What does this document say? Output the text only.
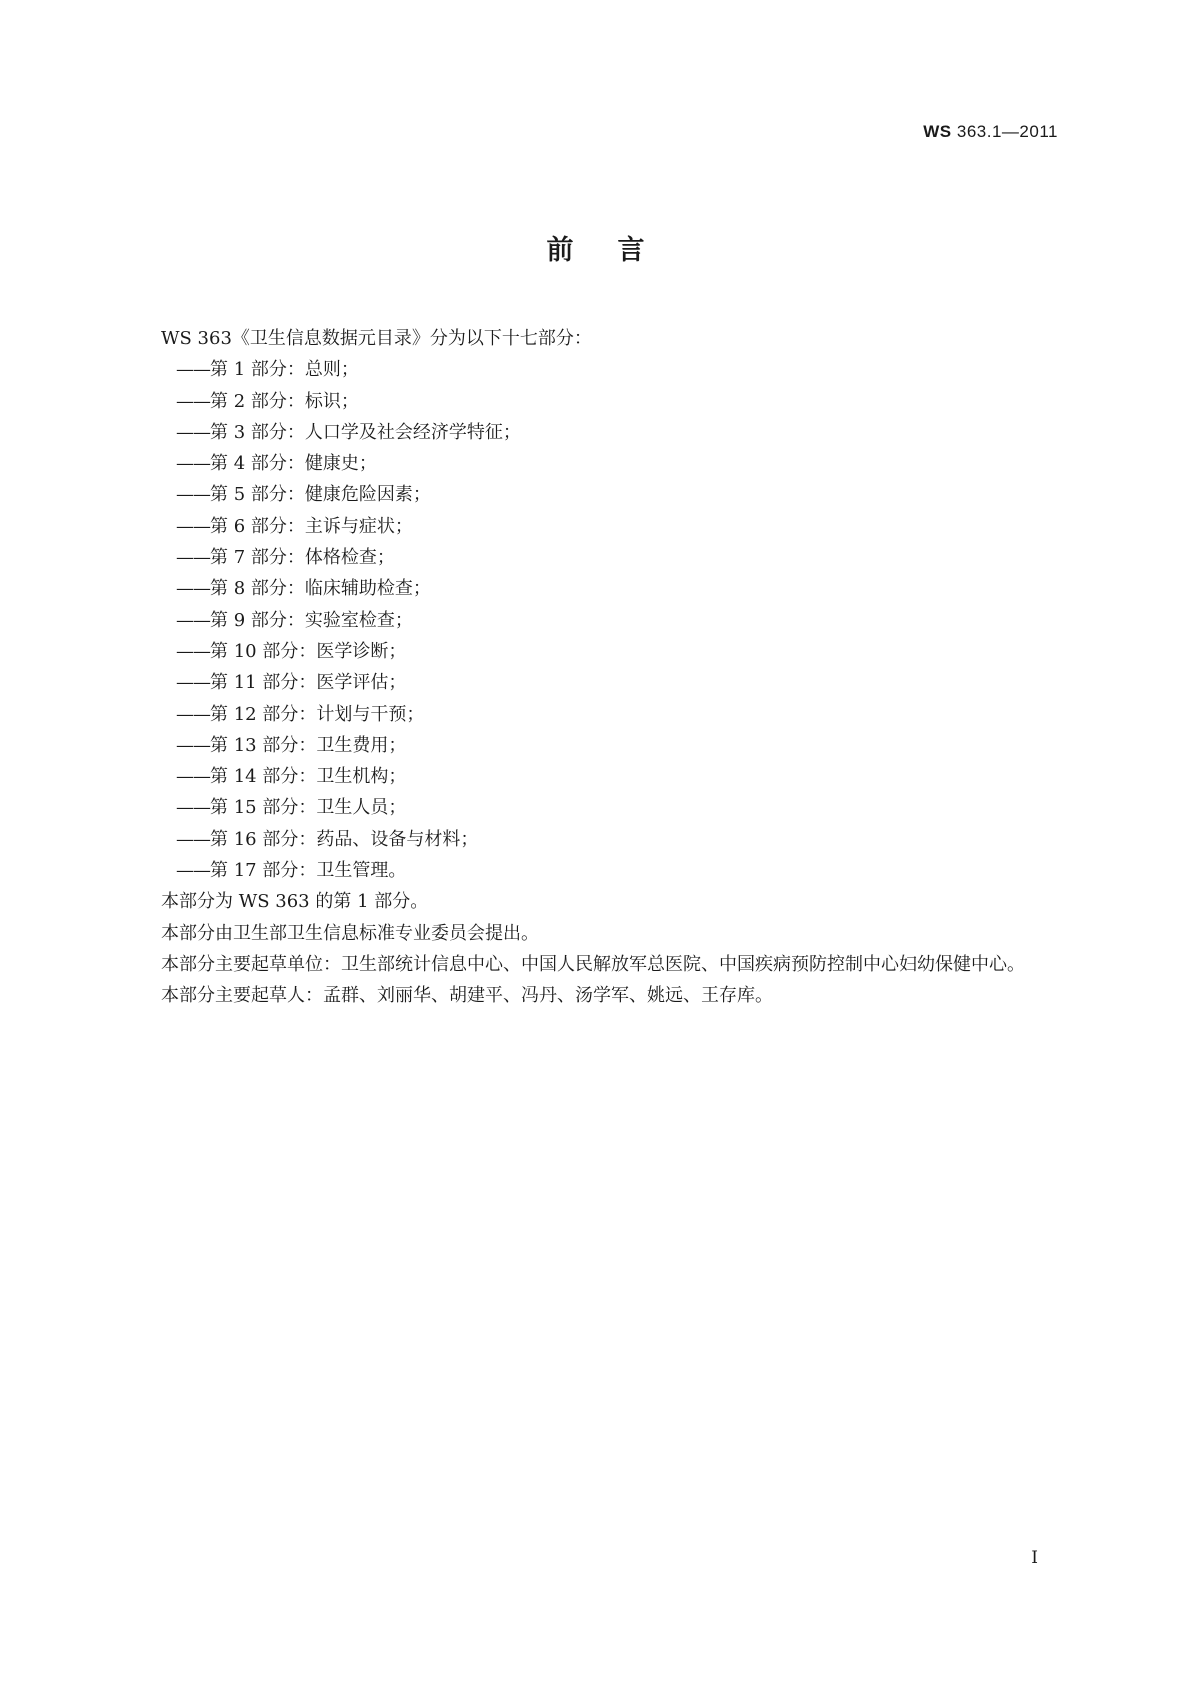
WS 363.1—2011
前言

WS 363《卫生信息数据元目录》分为以下十七部分：

——第 1 部分：总则；

——第 2 部分：标识；

——第 3 部分：人口学及社会经济学特征；

——第 4 部分：健康史；

——第 5 部分：健康危险因素；

——第 6 部分：主诉与症状；

——第 7 部分：体格检查；

——第 8 部分：临床辅助检查；

——第 9 部分：实验室检查；

——第 10 部分：医学诊断；

——第 11 部分：医学评估；

——第 12 部分：计划与干预；

——第 13 部分：卫生费用；

——第 14 部分：卫生机构；

——第 15 部分：卫生人员；

——第 16 部分：药品、设备与材料；

——第 17 部分：卫生管理。

本部分为 WS 363 的第 1 部分。

本部分由卫生部卫生信息标准专业委员会提出。

本部分主要起草单位：卫生部统计信息中心、中国人民解放军总医院、中国疾病预防控制中心妇幼保健中心。

本部分主要起草人：孟群、刘丽华、胡建平、冯丹、汤学军、姚远、王存库。

I
